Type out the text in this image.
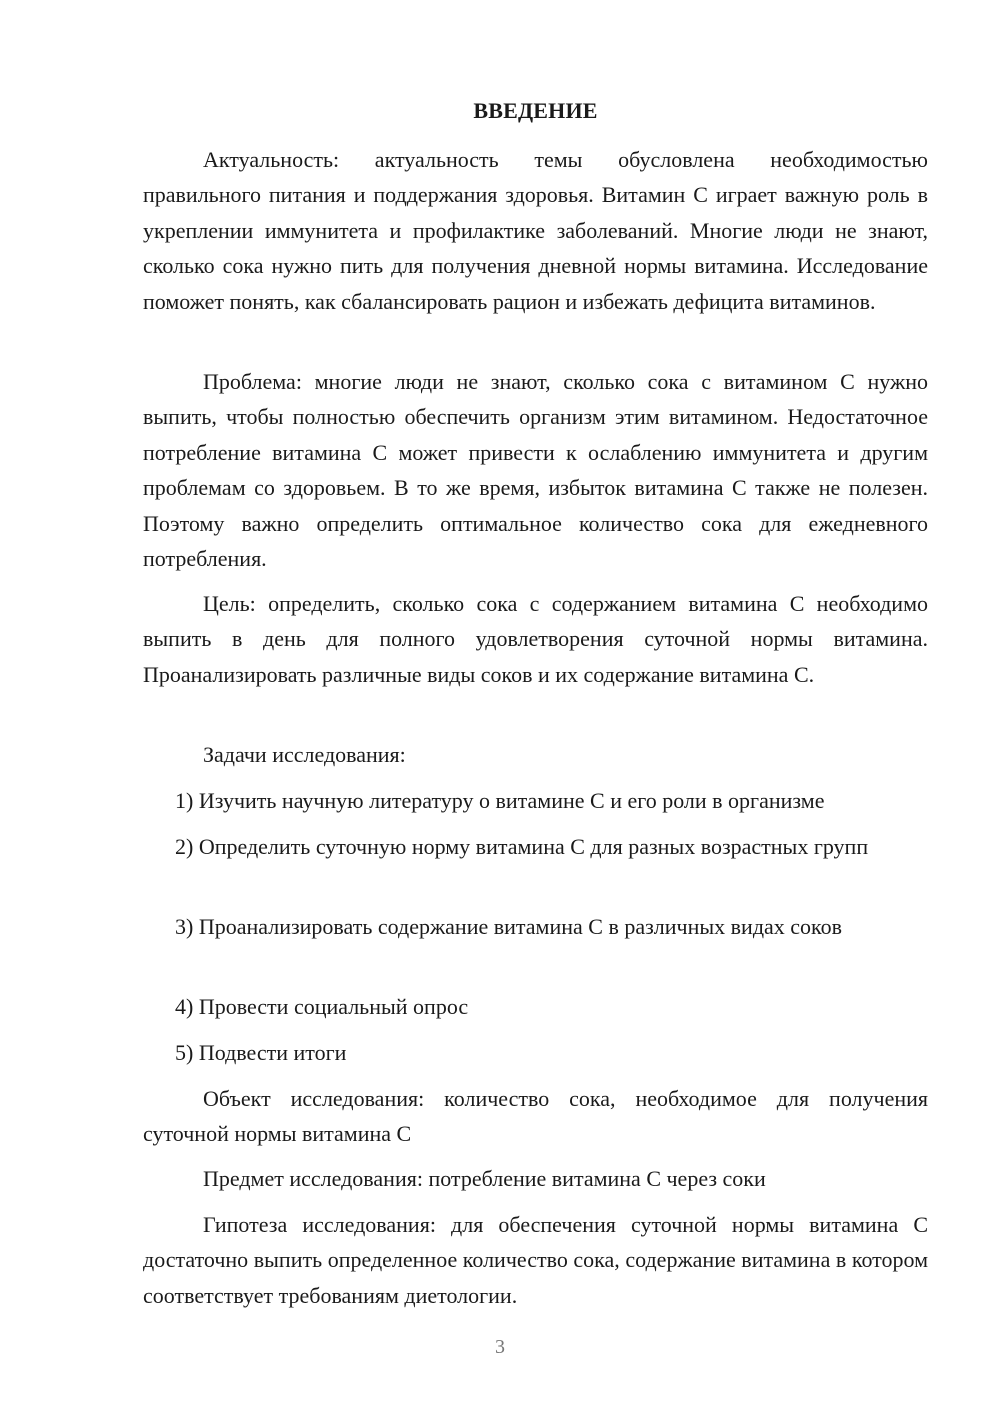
ВВЕДЕНИЕ

Актуальность: актуальность темы обусловлена необходимостью правильного питания и поддержания здоровья. Витамин С играет важную роль в укреплении иммунитета и профилактике заболеваний. Многие люди не знают, сколько сока нужно пить для получения дневной нормы витамина. Исследование поможет понять, как сбалансировать рацион и избежать дефицита витаминов.

Проблема: многие люди не знают, сколько сока с витамином С нужно выпить, чтобы полностью обеспечить организм этим витамином. Недостаточное потребление витамина С может привести к ослаблению иммунитета и другим проблемам со здоровьем. В то же время, избыток витамина С также не полезен. Поэтому важно определить оптимальное количество сока для ежедневного потребления.

Цель: определить, сколько сока с содержанием витамина С необходимо выпить в день для полного удовлетворения суточной нормы витамина. Проанализировать различные виды соков и их содержание витамина С.

Задачи исследования:

1) Изучить научную литературу о витамине С и его роли в организме

2) Определить суточную норму витамина С для разных возрастных групп

3) Проанализировать содержание витамина С в различных видах соков

4) Провести социальный опрос

5) Подвести итоги

Объект исследования: количество сока, необходимое для получения суточной нормы витамина С

Предмет исследования: потребление витамина С через соки

Гипотеза исследования: для обеспечения суточной нормы витамина С достаточно выпить определенное количество сока, содержание витамина в котором соответствует требованиям диетологии.

3
